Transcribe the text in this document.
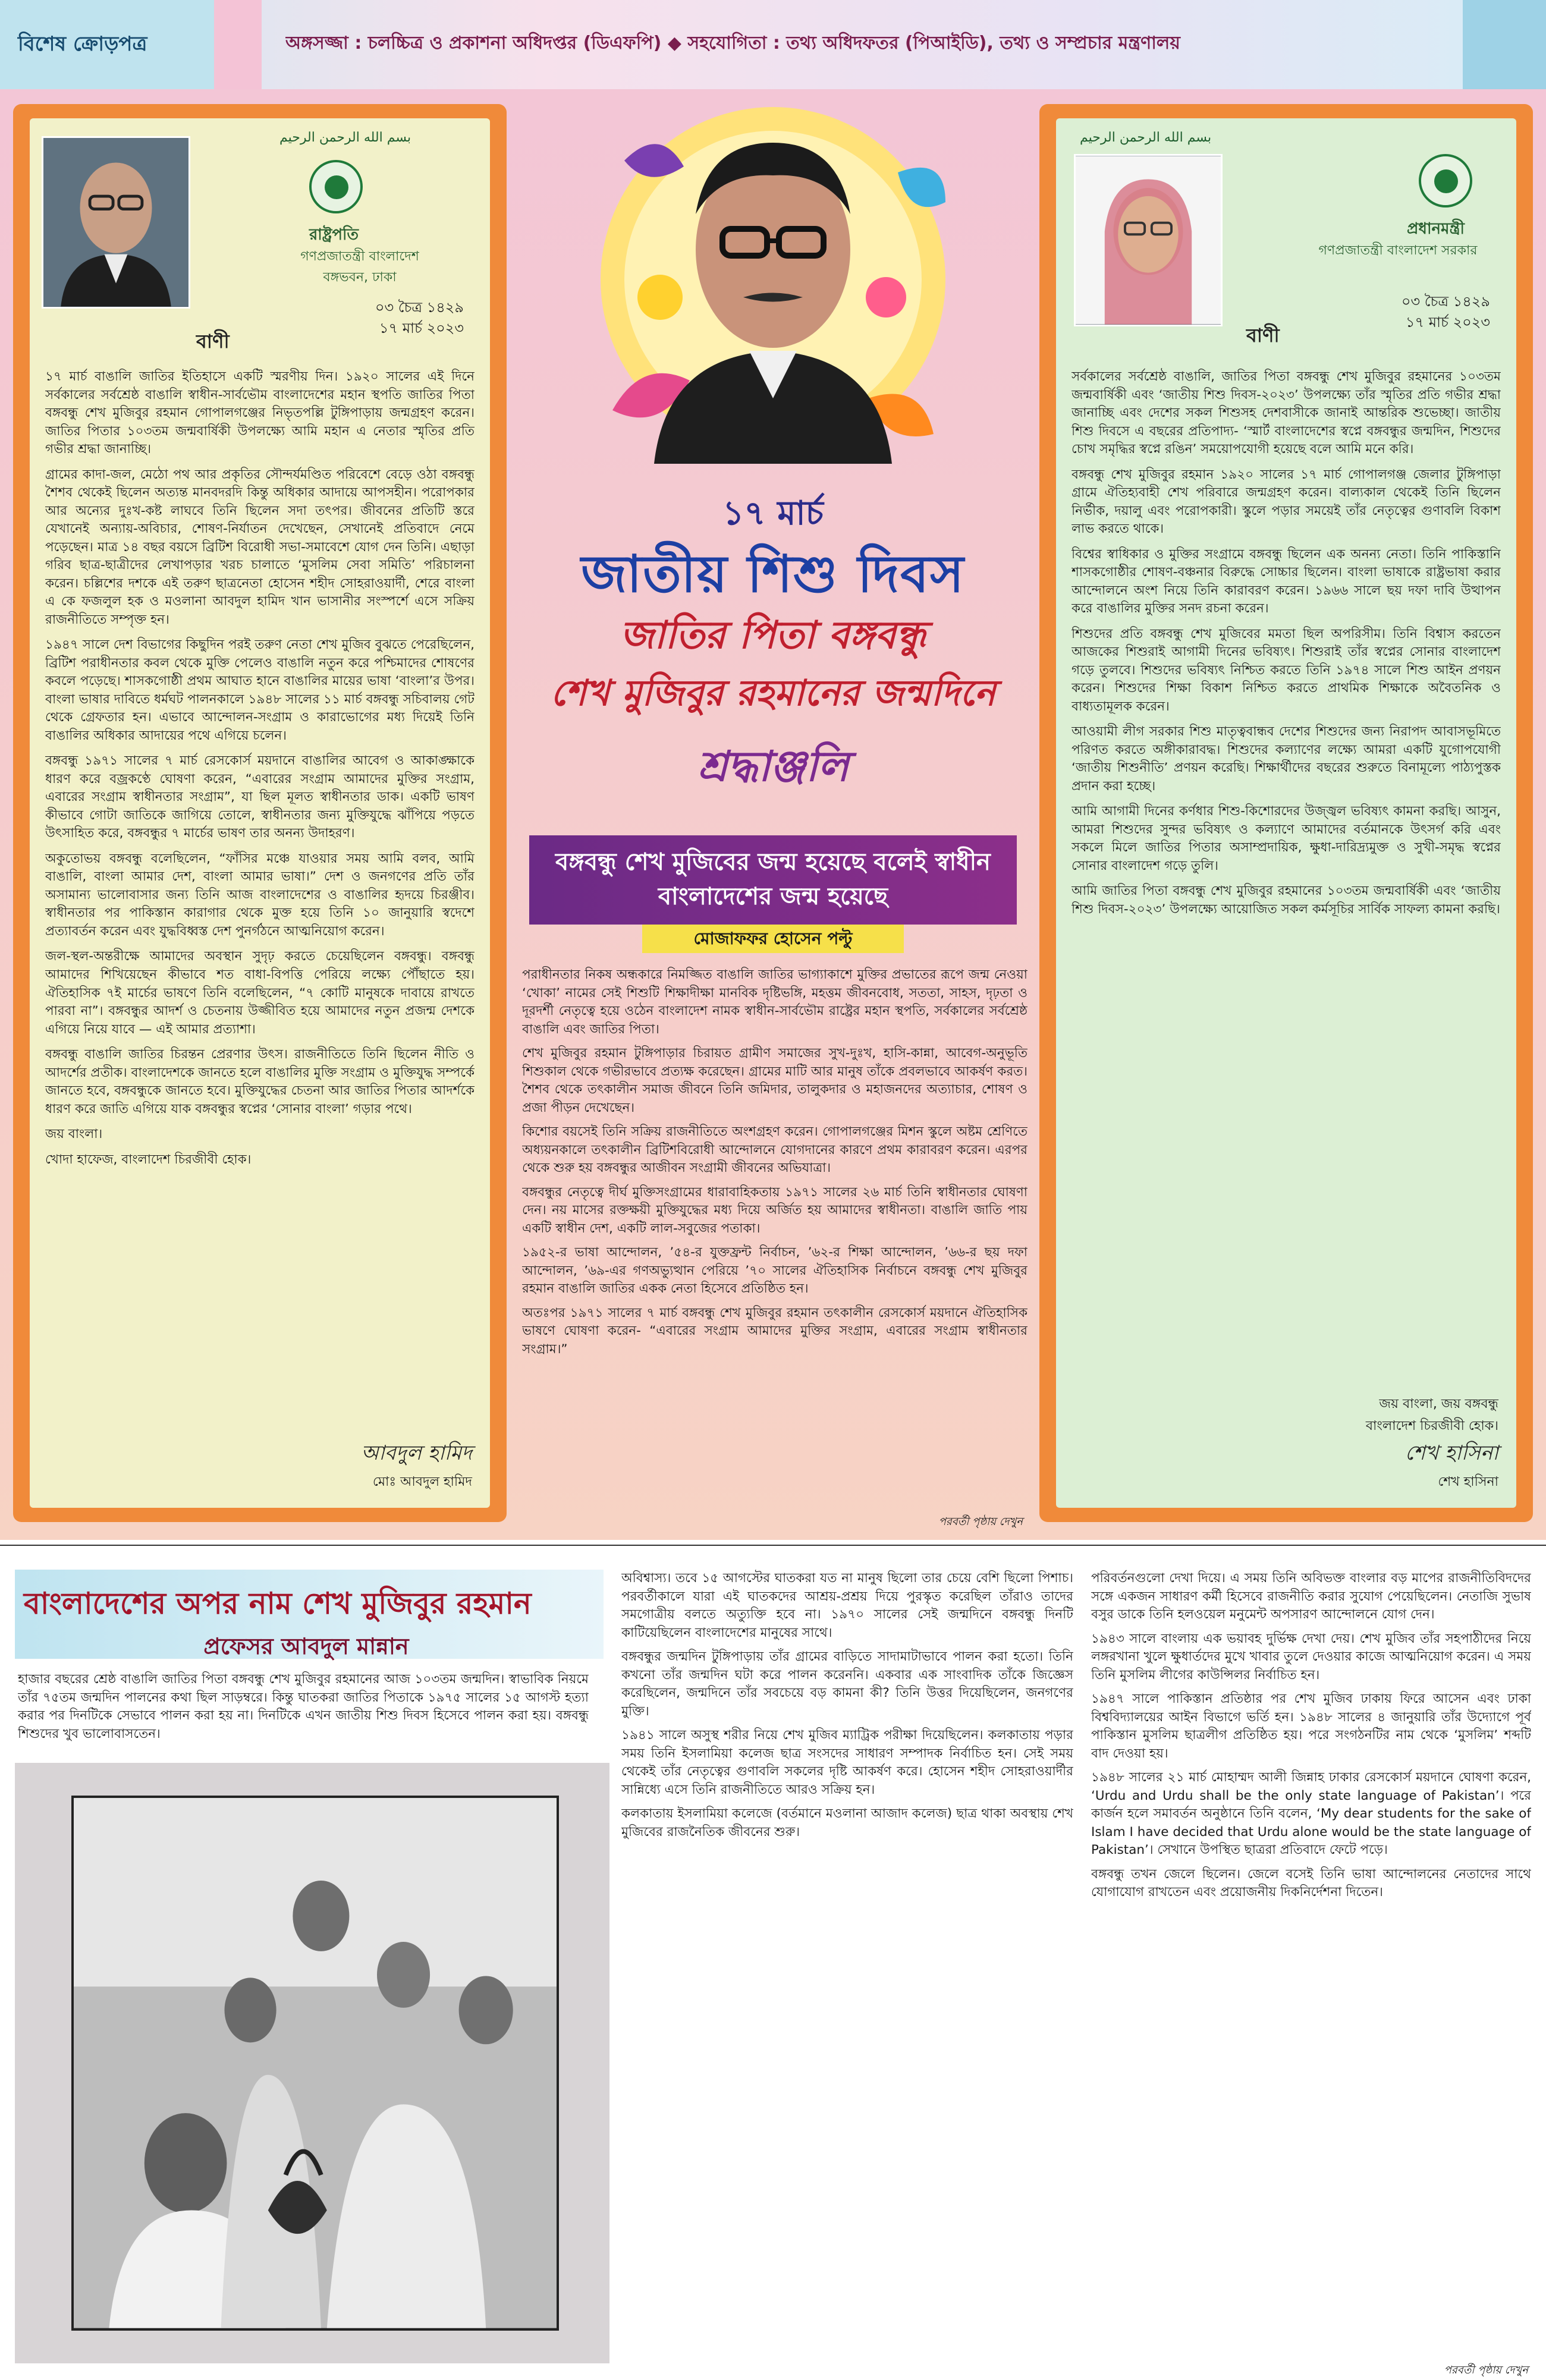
বিশেষ ক্রোড়পত্র	অঙ্গসজ্জা : চলচ্চিত্র ও প্রকাশনা অধিদপ্তর (ডিএফপি) ◆ সহযোগিতা : তথ্য অধিদফতর (পিআইডি), তথ্য ও সম্প্রচার মন্ত্রণালয়
بسم الله الرحمن الرحيم
রাষ্ট্রপতি
গণপ্রজাতন্ত্রী বাংলাদেশ
বঙ্গভবন, ঢাকা
০৩ চৈত্র ১৪২৯
১৭ মার্চ ২০২৩
বাণী

১৭ মার্চ বাঙালি জাতির ইতিহাসে একটি স্মরণীয় দিন। ১৯২০ সালের এই দিনে সর্বকালের সর্বশ্রেষ্ঠ বাঙালি স্বাধীন-সার্বভৌম বাংলাদেশের মহান স্থপতি জাতির পিতা বঙ্গবন্ধু শেখ মুজিবুর রহমান গোপালগঞ্জের নিভৃতপল্লি টুঙ্গিপাড়ায় জন্মগ্রহণ করেন। জাতির পিতার ১০৩তম জন্মবার্ষিকী উপলক্ষ্যে আমি মহান এ নেতার স্মৃতির প্রতি গভীর শ্রদ্ধা জানাচ্ছি।

গ্রামের কাদা-জল, মেঠো পথ আর প্রকৃতির সৌন্দর্যমণ্ডিত পরিবেশে বেড়ে ওঠা বঙ্গবন্ধু শৈশব থেকেই ছিলেন অত্যন্ত মানবদরদি কিন্তু অধিকার আদায়ে আপসহীন। পরোপকার আর অন্যের দুঃখ-কষ্ট লাঘবে তিনি ছিলেন সদা তৎপর। জীবনের প্রতিটি স্তরে যেখানেই অন্যায়-অবিচার, শোষণ-নির্যাতন দেখেছেন, সেখানেই প্রতিবাদে নেমে পড়েছেন। মাত্র ১৪ বছর বয়সে ব্রিটিশ বিরোধী সভা-সমাবেশে যোগ দেন তিনি। এছাড়া গরিব ছাত্র-ছাত্রীদের লেখাপড়ার খরচ চালাতে ‘মুসলিম সেবা সমিতি’ পরিচালনা করেন। চল্লিশের দশকে এই তরুণ ছাত্রনেতা হোসেন শহীদ সোহরাওয়ার্দী, শেরে বাংলা এ কে ফজলুল হক ও মওলানা আবদুল হামিদ খান ভাসানীর সংস্পর্শে এসে সক্রিয় রাজনীতিতে সম্পৃক্ত হন।

১৯৪৭ সালে দেশ বিভাগের কিছুদিন পরই তরুণ নেতা শেখ মুজিব বুঝতে পেরেছিলেন, ব্রিটিশ পরাধীনতার কবল থেকে মুক্তি পেলেও বাঙালি নতুন করে পশ্চিমাদের শোষণের কবলে পড়েছে। শাসকগোষ্ঠী প্রথম আঘাত হানে বাঙালির মায়ের ভাষা ‘বাংলা’র উপর। বাংলা ভাষার দাবিতে ধর্মঘট পালনকালে ১৯৪৮ সালের ১১ মার্চ বঙ্গবন্ধু সচিবালয় গেট থেকে গ্রেফতার হন। এভাবে আন্দোলন-সংগ্রাম ও কারাভোগের মধ্য দিয়েই তিনি বাঙালির অধিকার আদায়ের পথে এগিয়ে চলেন।

বঙ্গবন্ধু ১৯৭১ সালের ৭ মার্চ রেসকোর্স ময়দানে বাঙালির আবেগ ও আকাঙ্ক্ষাকে ধারণ করে বজ্রকণ্ঠে ঘোষণা করেন, “এবারের সংগ্রাম আমাদের মুক্তির সংগ্রাম, এবারের সংগ্রাম স্বাধীনতার সংগ্রাম”, যা ছিল মূলত স্বাধীনতার ডাক। একটি ভাষণ কীভাবে গোটা জাতিকে জাগিয়ে তোলে, স্বাধীনতার জন্য মুক্তিযুদ্ধে ঝাঁপিয়ে পড়তে উৎসাহিত করে, বঙ্গবন্ধুর ৭ মার্চের ভাষণ তার অনন্য উদাহরণ।

অকুতোভয় বঙ্গবন্ধু বলেছিলেন, “ফাঁসির মঞ্চে যাওয়ার সময় আমি বলব, আমি বাঙালি, বাংলা আমার দেশ, বাংলা আমার ভাষা।” দেশ ও জনগণের প্রতি তাঁর অসামান্য ভালোবাসার জন্য তিনি আজ বাংলাদেশের ও বাঙালির হৃদয়ে চিরঞ্জীব। স্বাধীনতার পর পাকিস্তান কারাগার থেকে মুক্ত হয়ে তিনি ১০ জানুয়ারি স্বদেশে প্রত্যাবর্তন করেন এবং যুদ্ধবিধ্বস্ত দেশ পুনর্গঠনে আত্মনিয়োগ করেন।

জল-স্থল-অন্তরীক্ষে আমাদের অবস্থান সুদৃঢ় করতে চেয়েছিলেন বঙ্গবন্ধু। বঙ্গবন্ধু আমাদের শিখিয়েছেন কীভাবে শত বাধা-বিপত্তি পেরিয়ে লক্ষ্যে পৌঁছাতে হয়। ঐতিহাসিক ৭ই মার্চের ভাষণে তিনি বলেছিলেন, “৭ কোটি মানুষকে দাবায়ে রাখতে পারবা না”। বঙ্গবন্ধুর আদর্শ ও চেতনায় উজ্জীবিত হয়ে আমাদের নতুন প্রজন্ম দেশকে এগিয়ে নিয়ে যাবে — এই আমার প্রত্যাশা।

বঙ্গবন্ধু বাঙালি জাতির চিরন্তন প্রেরণার উৎস। রাজনীতিতে তিনি ছিলেন নীতি ও আদর্শের প্রতীক। বাংলাদেশকে জানতে হলে বাঙালির মুক্তি সংগ্রাম ও মুক্তিযুদ্ধ সম্পর্কে জানতে হবে, বঙ্গবন্ধুকে জানতে হবে। মুক্তিযুদ্ধের চেতনা আর জাতির পিতার আদর্শকে ধারণ করে জাতি এগিয়ে যাক বঙ্গবন্ধুর স্বপ্নের ‘সোনার বাংলা’ গড়ার পথে।

জয় বাংলা।

খোদা হাফেজ, বাংলাদেশ চিরজীবী হোক।

আবদুল হামিদ
মোঃ আবদুল হামিদ
بسم الله الرحمن الرحيم
প্রধানমন্ত্রী
গণপ্রজাতন্ত্রী বাংলাদেশ সরকার
০৩ চৈত্র ১৪২৯
১৭ মার্চ ২০২৩
বাণী

সর্বকালের সর্বশ্রেষ্ঠ বাঙালি, জাতির পিতা বঙ্গবন্ধু শেখ মুজিবুর রহমানের ১০৩তম জন্মবার্ষিকী এবং ‘জাতীয় শিশু দিবস-২০২৩’ উপলক্ষ্যে তাঁর স্মৃতির প্রতি গভীর শ্রদ্ধা জানাচ্ছি এবং দেশের সকল শিশুসহ দেশবাসীকে জানাই আন্তরিক শুভেচ্ছা। জাতীয় শিশু দিবসে এ বছরের প্রতিপাদ্য- ‘স্মার্ট বাংলাদেশের স্বপ্নে বঙ্গবন্ধুর জন্মদিন, শিশুদের চোখ সমৃদ্ধির স্বপ্নে রঙিন’ সময়োপযোগী হয়েছে বলে আমি মনে করি।

বঙ্গবন্ধু শেখ মুজিবুর রহমান ১৯২০ সালের ১৭ মার্চ গোপালগঞ্জ জেলার টুঙ্গিপাড়া গ্রামে ঐতিহ্যবাহী শেখ পরিবারে জন্মগ্রহণ করেন। বাল্যকাল থেকেই তিনি ছিলেন নির্ভীক, দয়ালু এবং পরোপকারী। স্কুলে পড়ার সময়েই তাঁর নেতৃত্বের গুণাবলি বিকাশ লাভ করতে থাকে।

বিশ্বের স্বাধিকার ও মুক্তির সংগ্রামে বঙ্গবন্ধু ছিলেন এক অনন্য নেতা। তিনি পাকিস্তানি শাসকগোষ্ঠীর শোষণ-বঞ্চনার বিরুদ্ধে সোচ্চার ছিলেন। বাংলা ভাষাকে রাষ্ট্রভাষা করার আন্দোলনে অংশ নিয়ে তিনি কারাবরণ করেন। ১৯৬৬ সালে ছয় দফা দাবি উত্থাপন করে বাঙালির মুক্তির সনদ রচনা করেন।

শিশুদের প্রতি বঙ্গবন্ধু শেখ মুজিবের মমতা ছিল অপরিসীম। তিনি বিশ্বাস করতেন আজকের শিশুরাই আগামী দিনের ভবিষ্যৎ। শিশুরাই তাঁর স্বপ্নের সোনার বাংলাদেশ গড়ে তুলবে। শিশুদের ভবিষ্যৎ নিশ্চিত করতে তিনি ১৯৭৪ সালে শিশু আইন প্রণয়ন করেন। শিশুদের শিক্ষা বিকাশ নিশ্চিত করতে প্রাথমিক শিক্ষাকে অবৈতনিক ও বাধ্যতামূলক করেন।

আওয়ামী লীগ সরকার শিশু মাতৃত্ববান্ধব দেশের শিশুদের জন্য নিরাপদ আবাসভূমিতে পরিণত করতে অঙ্গীকারাবদ্ধ। শিশুদের কল্যাণের লক্ষ্যে আমরা একটি যুগোপযোগী ‘জাতীয় শিশুনীতি’ প্রণয়ন করেছি। শিক্ষার্থীদের বছরের শুরুতে বিনামূল্যে পাঠ্যপুস্তক প্রদান করা হচ্ছে।

আমি আগামী দিনের কর্ণধার শিশু-কিশোরদের উজ্জ্বল ভবিষ্যৎ কামনা করছি। আসুন, আমরা শিশুদের সুন্দর ভবিষ্যৎ ও কল্যাণে আমাদের বর্তমানকে উৎসর্গ করি এবং সকলে মিলে জাতির পিতার অসাম্প্রদায়িক, ক্ষুধা-দারিদ্র্যমুক্ত ও সুখী-সমৃদ্ধ স্বপ্নের সোনার বাংলাদেশ গড়ে তুলি।

আমি জাতির পিতা বঙ্গবন্ধু শেখ মুজিবুর রহমানের ১০৩তম জন্মবার্ষিকী এবং ‘জাতীয় শিশু দিবস-২০২৩’ উপলক্ষ্যে আয়োজিত সকল কর্মসূচির সার্বিক সাফল্য কামনা করছি।

জয় বাংলা, জয় বঙ্গবন্ধু
বাংলাদেশ চিরজীবী হোক।
শেখ হাসিনা
শেখ হাসিনা
১৭ মার্চ
জাতীয় শিশু দিবস
জাতির পিতা বঙ্গবন্ধু
শেখ মুজিবুর রহমানের জন্মদিনে
শ্রদ্ধাঞ্জলি
বঙ্গবন্ধু শেখ মুজিবের জন্ম হয়েছে বলেই স্বাধীন বাংলাদেশের জন্ম হয়েছে
মোজাফফর হোসেন পল্টু

পরাধীনতার নিকষ অন্ধকারে নিমজ্জিত বাঙালি জাতির ভাগ্যাকাশে মুক্তির প্রভাতের রূপে জন্ম নেওয়া ‘খোকা’ নামের সেই শিশুটি শিক্ষাদীক্ষা মানবিক দৃষ্টিভঙ্গি, মহত্তম জীবনবোধ, সততা, সাহস, দৃঢ়তা ও দূরদর্শী নেতৃত্বে হয়ে ওঠেন বাংলাদেশ নামক স্বাধীন-সার্বভৌম রাষ্ট্রের মহান স্থপতি, সর্বকালের সর্বশ্রেষ্ঠ বাঙালি এবং জাতির পিতা।

শেখ মুজিবুর রহমান টুঙ্গিপাড়ার চিরায়ত গ্রামীণ সমাজের সুখ-দুঃখ, হাসি-কান্না, আবেগ-অনুভূতি শিশুকাল থেকে গভীরভাবে প্রত্যক্ষ করেছেন। গ্রামের মাটি আর মানুষ তাঁকে প্রবলভাবে আকর্ষণ করত। শৈশব থেকে তৎকালীন সমাজ জীবনে তিনি জমিদার, তালুকদার ও মহাজনদের অত্যাচার, শোষণ ও প্রজা পীড়ন দেখেছেন।

কিশোর বয়সেই তিনি সক্রিয় রাজনীতিতে অংশগ্রহণ করেন। গোপালগঞ্জের মিশন স্কুলে অষ্টম শ্রেণিতে অধ্যয়নকালে তৎকালীন ব্রিটিশবিরোধী আন্দোলনে যোগদানের কারণে প্রথম কারাবরণ করেন। এরপর থেকে শুরু হয় বঙ্গবন্ধুর আজীবন সংগ্রামী জীবনের অভিযাত্রা।

বঙ্গবন্ধুর নেতৃত্বে দীর্ঘ মুক্তিসংগ্রামের ধারাবাহিকতায় ১৯৭১ সালের ২৬ মার্চ তিনি স্বাধীনতার ঘোষণা দেন। নয় মাসের রক্তক্ষয়ী মুক্তিযুদ্ধের মধ্য দিয়ে অর্জিত হয় আমাদের স্বাধীনতা। বাঙালি জাতি পায় একটি স্বাধীন দেশ, একটি লাল-সবুজের পতাকা।

১৯৫২-র ভাষা আন্দোলন, ’৫৪-র যুক্তফ্রন্ট নির্বাচন, ’৬২-র শিক্ষা আন্দোলন, ’৬৬-র ছয় দফা আন্দোলন, ’৬৯-এর গণঅভ্যুত্থান পেরিয়ে ’৭০ সালের ঐতিহাসিক নির্বাচনে বঙ্গবন্ধু শেখ মুজিবুর রহমান বাঙালি জাতির একক নেতা হিসেবে প্রতিষ্ঠিত হন।

অতঃপর ১৯৭১ সালের ৭ মার্চ বঙ্গবন্ধু শেখ মুজিবুর রহমান তৎকালীন রেসকোর্স ময়দানে ঐতিহাসিক ভাষণে ঘোষণা করেন- “এবারের সংগ্রাম আমাদের মুক্তির সংগ্রাম, এবারের সংগ্রাম স্বাধীনতার সংগ্রাম।”

পরবর্তী পৃষ্ঠায় দেখুন
বাংলাদেশের অপর নাম শেখ মুজিবুর রহমান
প্রফেসর আবদুল মান্নান
হাজার বছরের শ্রেষ্ঠ বাঙালি জাতির পিতা বঙ্গবন্ধু শেখ মুজিবুর রহমানের আজ ১০৩তম জন্মদিন। স্বাভাবিক নিয়মে তাঁর ৭৫তম জন্মদিন পালনের কথা ছিল সাড়ম্বরে। কিন্তু ঘাতকরা জাতির পিতাকে ১৯৭৫ সালের ১৫ আগস্ট হত্যা করার পর দিনটিকে সেভাবে পালন করা হয় না। দিনটিকে এখন জাতীয় শিশু দিবস হিসেবে পালন করা হয়। বঙ্গবন্ধু শিশুদের খুব ভালোবাসতেন।

অবিশ্বাস্য। তবে ১৫ আগস্টের ঘাতকরা যত না মানুষ ছিলো তার চেয়ে বেশি ছিলো পিশাচ। পরবর্তীকালে যারা এই ঘাতকদের আশ্রয়-প্রশ্রয় দিয়ে পুরস্কৃত করেছিল তাঁরাও তাদের সমগোত্রীয় বলতে অত্যুক্তি হবে না। ১৯৭০ সালের সেই জন্মদিনে বঙ্গবন্ধু দিনটি কাটিয়েছিলেন বাংলাদেশের মানুষের সাথে।

বঙ্গবন্ধুর জন্মদিন টুঙ্গিপাড়ায় তাঁর গ্রামের বাড়িতে সাদামাটাভাবে পালন করা হতো। তিনি কখনো তাঁর জন্মদিন ঘটা করে পালন করেননি। একবার এক সাংবাদিক তাঁকে জিজ্ঞেস করেছিলেন, জন্মদিনে তাঁর সবচেয়ে বড় কামনা কী? তিনি উত্তর দিয়েছিলেন, জনগণের মুক্তি।

১৯৪১ সালে অসুস্থ শরীর নিয়ে শেখ মুজিব ম্যাট্রিক পরীক্ষা দিয়েছিলেন। কলকাতায় পড়ার সময় তিনি ইসলামিয়া কলেজ ছাত্র সংসদের সাধারণ সম্পাদক নির্বাচিত হন। সেই সময় থেকেই তাঁর নেতৃত্বের গুণাবলি সকলের দৃষ্টি আকর্ষণ করে। হোসেন শহীদ সোহরাওয়ার্দীর সান্নিধ্যে এসে তিনি রাজনীতিতে আরও সক্রিয় হন।

কলকাতায় ইসলামিয়া কলেজে (বর্তমানে মওলানা আজাদ কলেজ) ছাত্র থাকা অবস্থায় শেখ মুজিবের রাজনৈতিক জীবনের শুরু।

পরিবর্তনগুলো দেখা দিয়ে। এ সময় তিনি অবিভক্ত বাংলার বড় মাপের রাজনীতিবিদদের সঙ্গে একজন সাধারণ কর্মী হিসেবে রাজনীতি করার সুযোগ পেয়েছিলেন। নেতাজি সুভাষ বসুর ডাকে তিনি হলওয়েল মনুমেন্ট অপসারণ আন্দোলনে যোগ দেন।

১৯৪৩ সালে বাংলায় এক ভয়াবহ দুর্ভিক্ষ দেখা দেয়। শেখ মুজিব তাঁর সহপাঠীদের নিয়ে লঙ্গরখানা খুলে ক্ষুধার্তদের মুখে খাবার তুলে দেওয়ার কাজে আত্মনিয়োগ করেন। এ সময় তিনি মুসলিম লীগের কাউন্সিলর নির্বাচিত হন।

১৯৪৭ সালে পাকিস্তান প্রতিষ্ঠার পর শেখ মুজিব ঢাকায় ফিরে আসেন এবং ঢাকা বিশ্ববিদ্যালয়ের আইন বিভাগে ভর্তি হন। ১৯৪৮ সালের ৪ জানুয়ারি তাঁর উদ্যোগে পূর্ব পাকিস্তান মুসলিম ছাত্রলীগ প্রতিষ্ঠিত হয়। পরে সংগঠনটির নাম থেকে ‘মুসলিম’ শব্দটি বাদ দেওয়া হয়।

১৯৪৮ সালের ২১ মার্চ মোহাম্মদ আলী জিন্নাহ ঢাকার রেসকোর্স ময়দানে ঘোষণা করেন, ‘Urdu and Urdu shall be the only state language of Pakistan’। পরে কার্জন হলে সমাবর্তন অনুষ্ঠানে তিনি বলেন, ‘My dear students for the sake of Islam I have decided that Urdu alone would be the state language of Pakistan’। সেখানে উপস্থিত ছাত্ররা প্রতিবাদে ফেটে পড়ে।

বঙ্গবন্ধু তখন জেলে ছিলেন। জেলে বসেই তিনি ভাষা আন্দোলনের নেতাদের সাথে যোগাযোগ রাখতেন এবং প্রয়োজনীয় দিকনির্দেশনা দিতেন।

পরবর্তী পৃষ্ঠায় দেখুন
